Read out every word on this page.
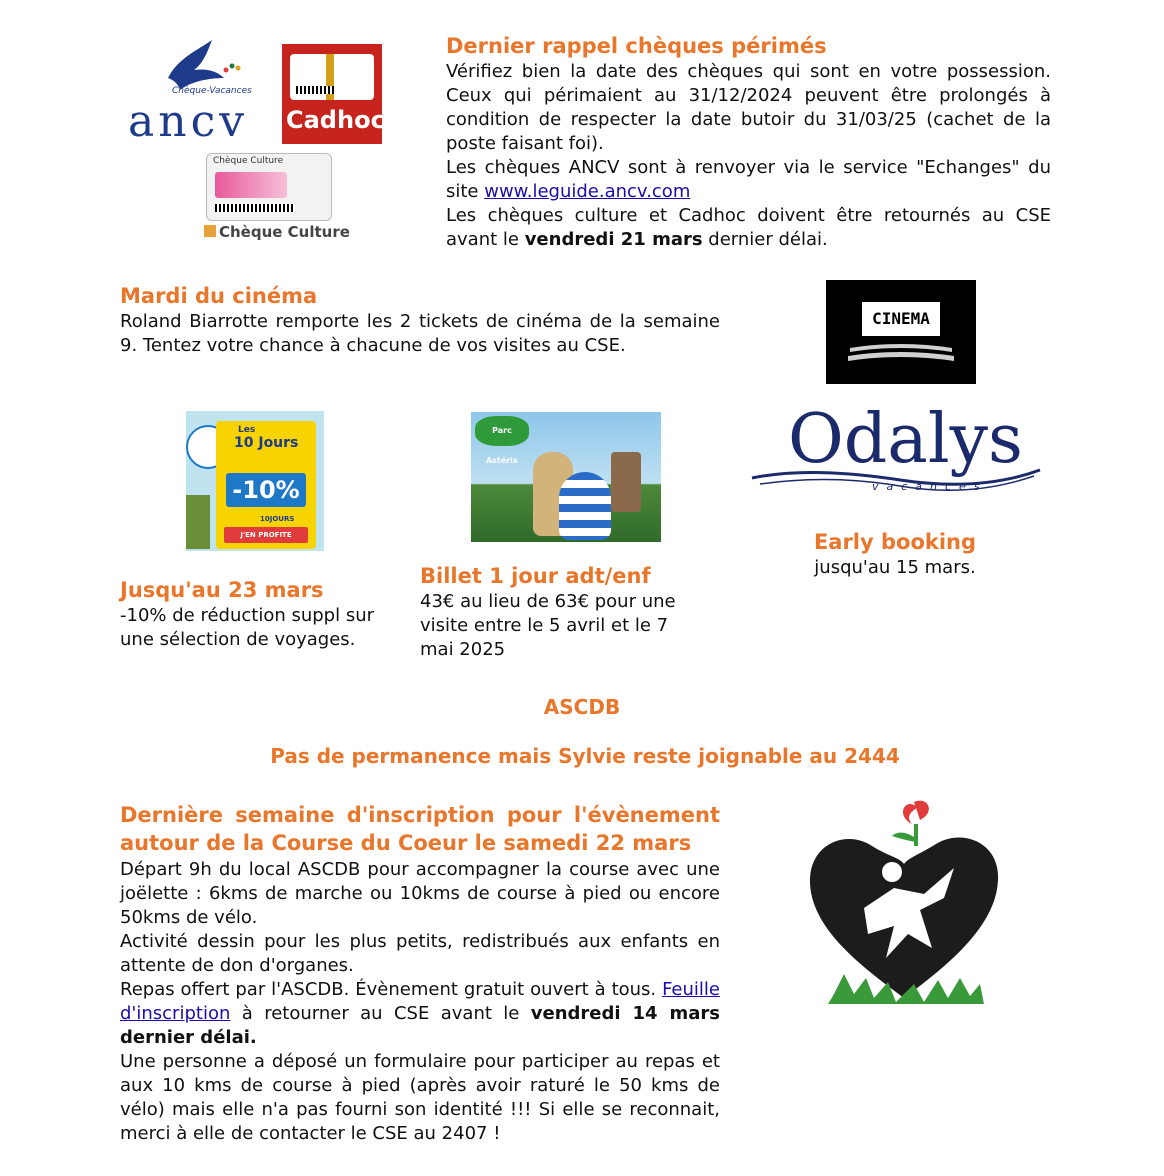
Chèque-Vacances
ancv Cadhoc
Chèque Culture
Chèque Culture
Dernier rappel chèques périmés
Vérifiez bien la date des chèques qui sont en votre possession. Ceux qui périmaient au 31/12/2024 peuvent être prolongés à condition de respecter la date butoir du 31/03/25 (cachet de la poste faisant foi).
Les chèques ANCV sont à renvoyer via le service "Echanges" du site www.leguide.ancv.com
Les chèques culture et Cadhoc doivent être retournés au CSE avant le vendredi 21 mars dernier délai.
Mardi du cinéma
Roland Biarrotte remporte les 2 tickets de cinéma de la semaine 9. Tentez votre chance à chacune de vos visites au CSE.
CINEMA
Les
10 Jours
-10%
10JOURS
J'EN PROFITE
Parc Astérix	Odalys
vacances
Jusqu'au 23 mars
-10% de réduction suppl sur une sélection de voyages.
Billet 1 jour adt/enf
43€ au lieu de 63€ pour une visite entre le 5 avril et le 7 mai 2025
Early booking
jusqu'au 15 mars.
ASCDB
Pas de permanence mais Sylvie reste joignable au 2444
Dernière semaine d'inscription pour l'évènement autour de la Course du Coeur le samedi 22 mars
Départ 9h du local ASCDB pour accompagner la course avec une joëlette : 6kms de marche ou 10kms de course à pied ou encore 50kms de vélo.
Activité dessin pour les plus petits, redistribués aux enfants en attente de don d'organes.
Repas offert par l'ASCDB. Évènement gratuit ouvert à tous. Feuille d'inscription à retourner au CSE avant le vendredi 14 mars dernier délai.
Une personne a déposé un formulaire pour participer au repas et aux 10 kms de course à pied (après avoir raturé le 50 kms de vélo) mais elle n'a pas fourni son identité !!! Si elle se reconnait, merci à elle de contacter le CSE au 2407 !
